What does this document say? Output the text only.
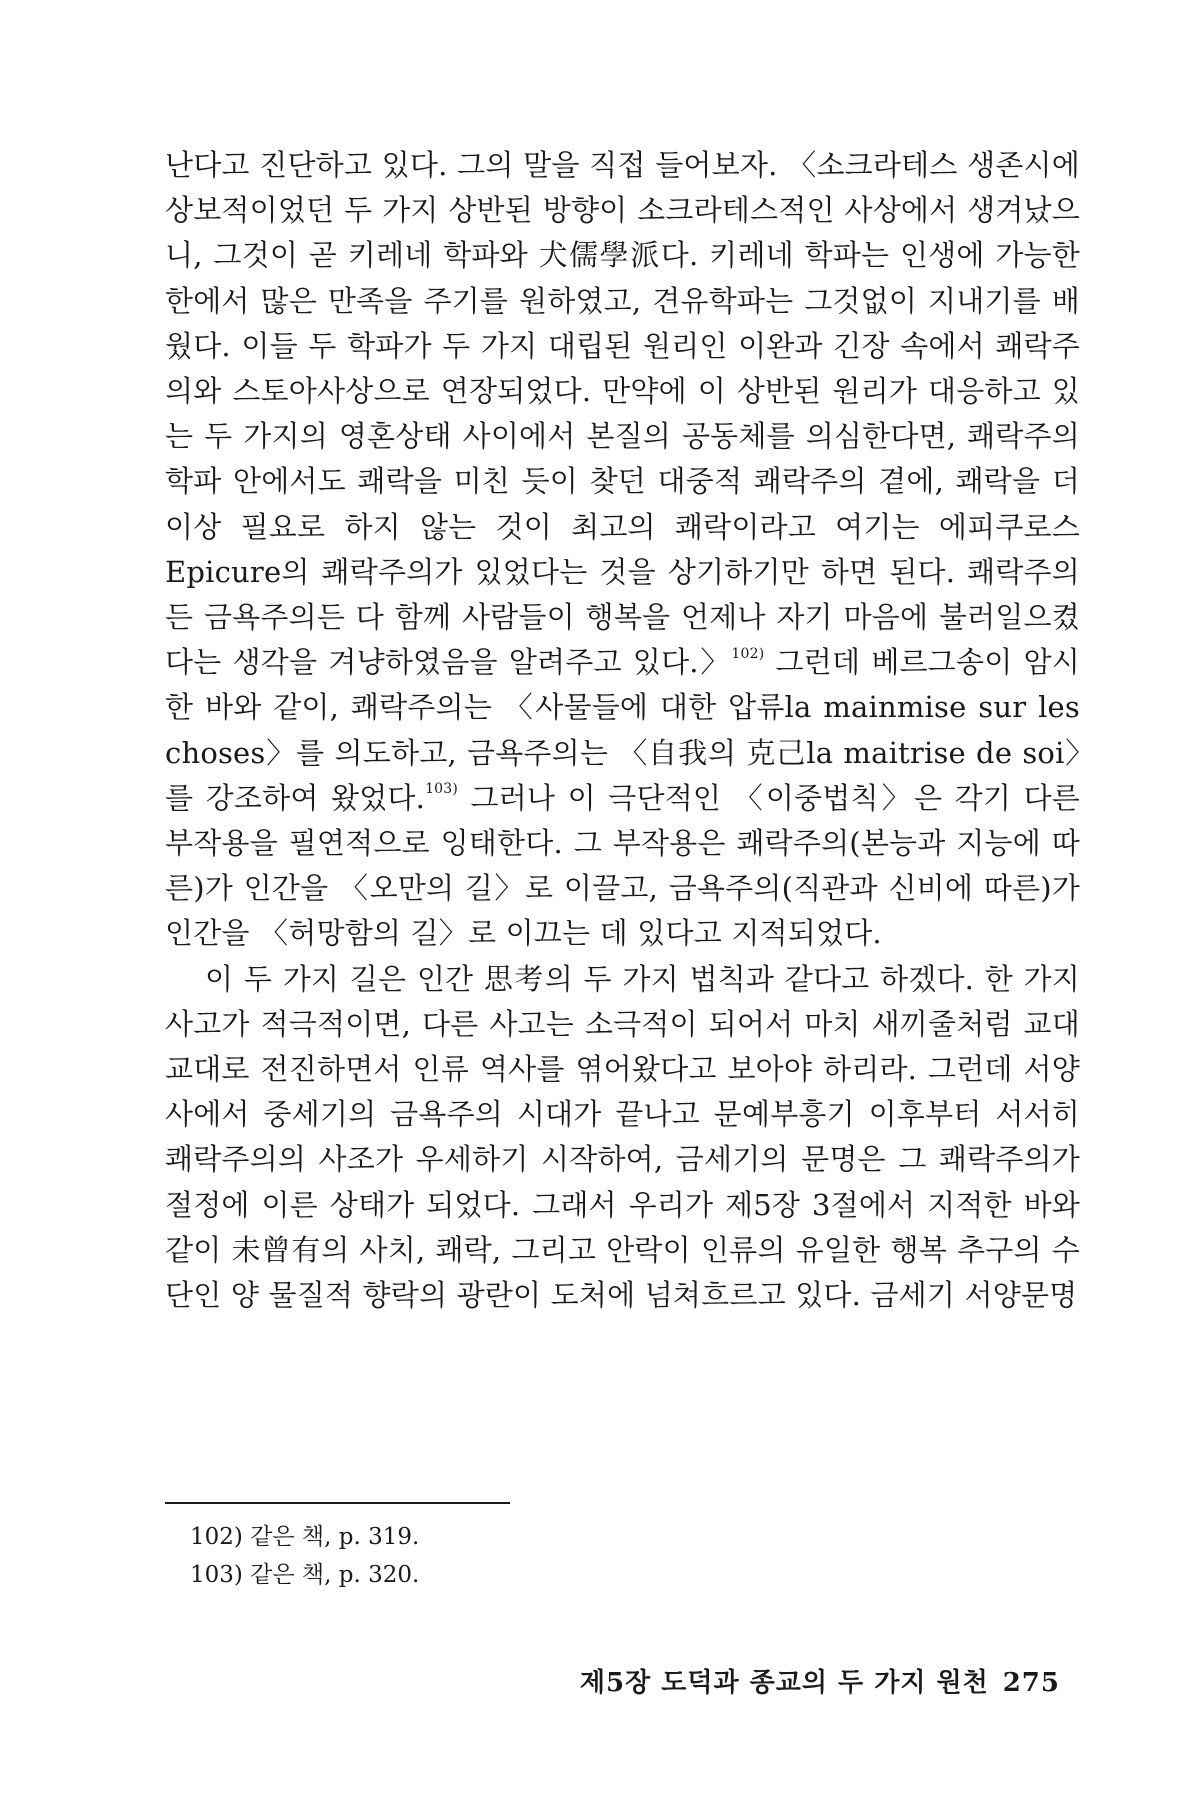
난다고 진단하고 있다. 그의 말을 직접 들어보자. 〈소크라테스 생존시에 상보적이었던 두 가지 상반된 방향이 소크라테스적인 사상에서 생겨났으니, 그것이 곧 키레네 학파와 犬儒學派다. 키레네 학파는 인생에 가능한 한에서 많은 만족을 주기를 원하였고, 견유학파는 그것없이 지내기를 배웠다. 이들 두 학파가 두 가지 대립된 원리인 이완과 긴장 속에서 쾌락주의와 스토아사상으로 연장되었다. 만약에 이 상반된 원리가 대응하고 있는 두 가지의 영혼상태 사이에서 본질의 공동체를 의심한다면, 쾌락주의 학파 안에서도 쾌락을 미친 듯이 찾던 대중적 쾌락주의 곁에, 쾌락을 더 이상 필요로 하지 않는 것이 최고의 쾌락이라고 여기는 에피쿠로스 Epicure의 쾌락주의가 있었다는 것을 상기하기만 하면 된다. 쾌락주의든 금욕주의든 다 함께 사람들이 행복을 언제나 자기 마음에 불러일으켰다는 생각을 겨냥하였음을 알려주고 있다.〉$^{102)}$ 그런데 베르그송이 암시한 바와 같이, 쾌락주의는 〈사물들에 대한 압류la mainmise sur les choses〉를 의도하고, 금욕주의는 〈自我의 克己la maitrise de soi〉를 강조하여 왔었다.$^{103)}$ 그러나 이 극단적인 〈이중법칙〉은 각기 다른 부작용을 필연적으로 잉태한다. 그 부작용은 쾌락주의(본능과 지능에 따른)가 인간을 〈오만의 길〉로 이끌고, 금욕주의(직관과 신비에 따른)가 인간을 〈허망함의 길〉로 이끄는 데 있다고 지적되었다.

이 두 가지 길은 인간 思考의 두 가지 법칙과 같다고 하겠다. 한 가지 사고가 적극적이면, 다른 사고는 소극적이 되어서 마치 새끼줄처럼 교대교대로 전진하면서 인류 역사를 엮어왔다고 보아야 하리라. 그런데 서양사에서 중세기의 금욕주의 시대가 끝나고 문예부흥기 이후부터 서서히 쾌락주의의 사조가 우세하기 시작하여, 금세기의 문명은 그 쾌락주의가 절정에 이른 상태가 되었다. 그래서 우리가 제5장 3절에서 지적한 바와 같이 未曾有의 사치, 쾌락, 그리고 안락이 인류의 유일한 행복 추구의 수단인 양 물질적 향락의 광란이 도처에 넘쳐흐르고 있다. 금세기 서양문명

102) 같은 책, p. 319.
103) 같은 책, p. 320.
제5장 도덕과 종교의 두 가지 원천 275
